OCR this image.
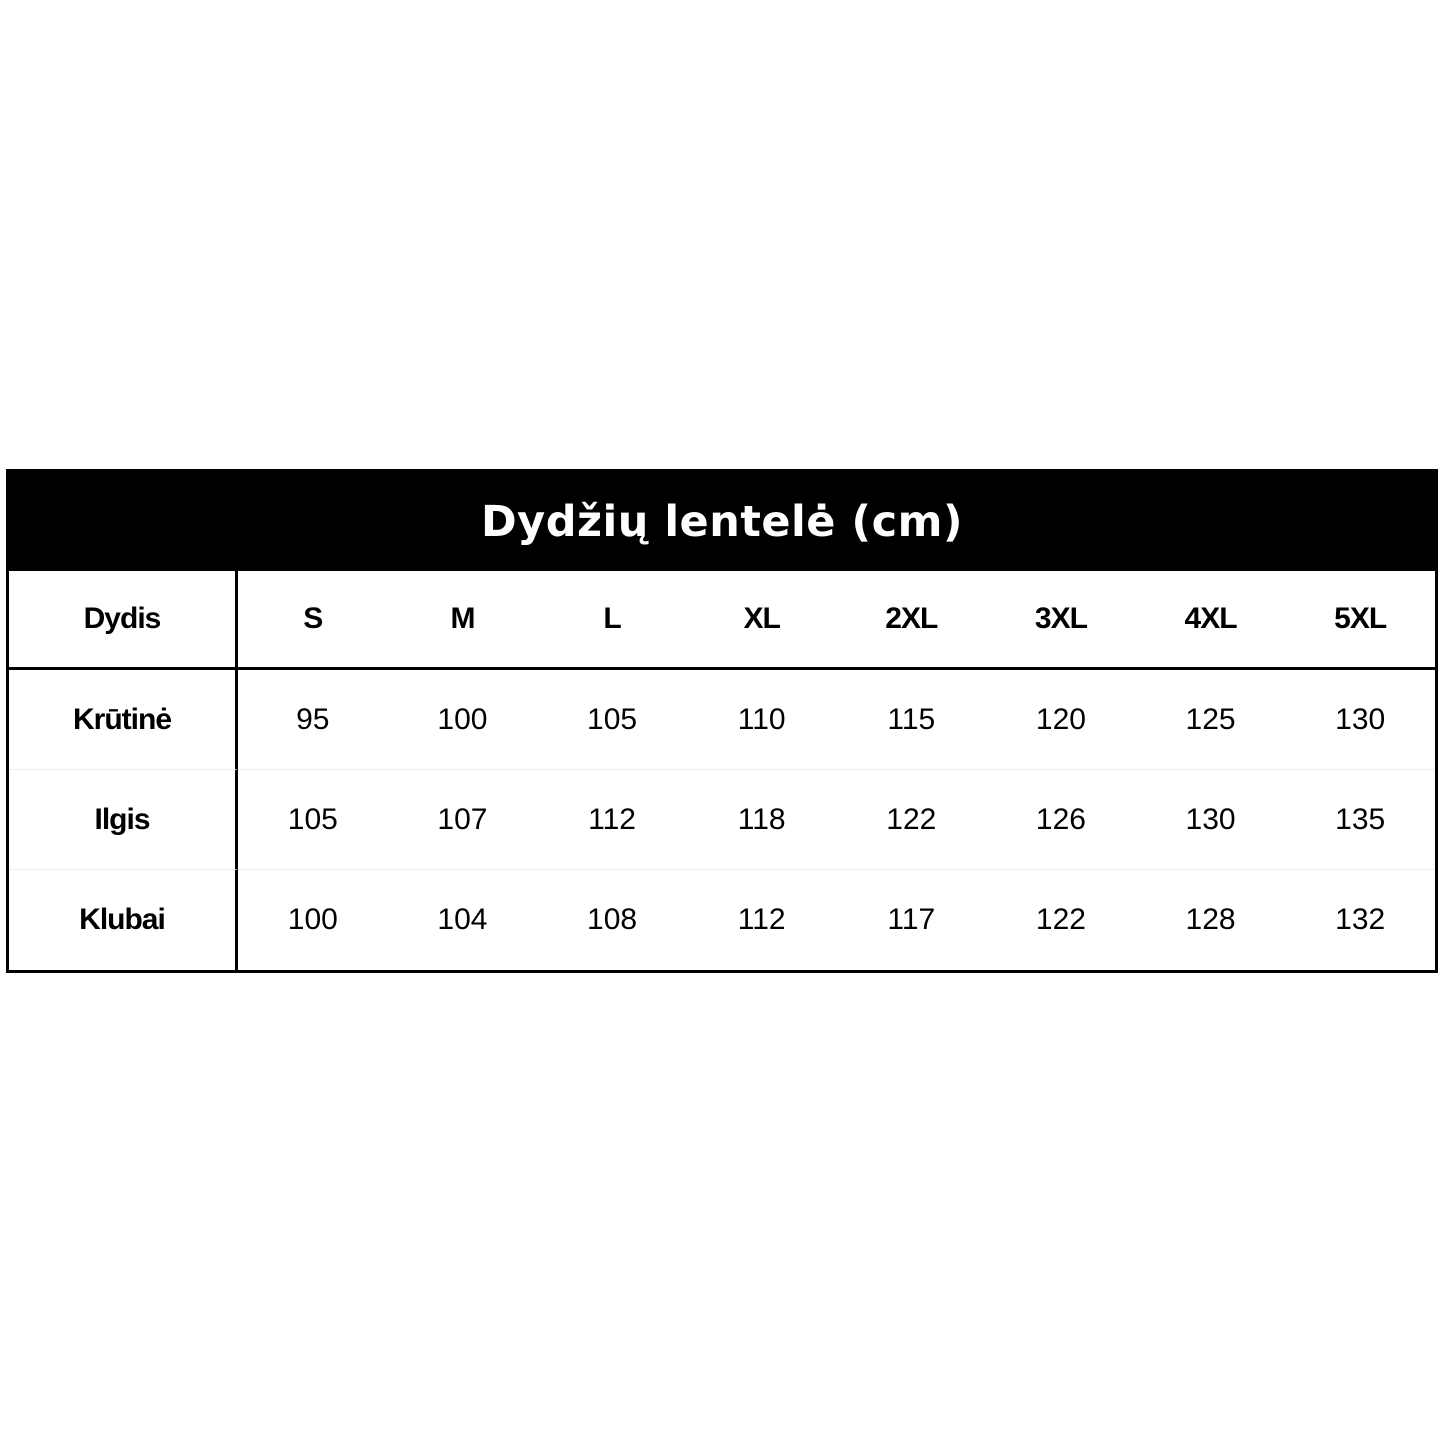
Dydžių lentelė (cm)
Dydis	S	M	L	XL	2XL	3XL	4XL	5XL
Krūtinė	95	100	105	110	115	120	125	130
Ilgis	105	107	112	118	122	126	130	135
Klubai	100	104	108	112	117	122	128	132
